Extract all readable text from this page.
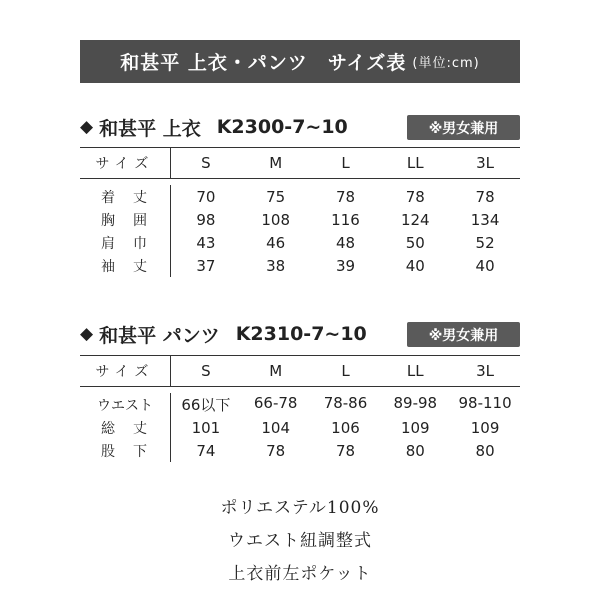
和甚平 上衣・パンツ　サイズ表 (単位:cm)
◆ 和甚平 上衣 K2300-7~10	※男女兼用
サイズ	S	M	L	LL	3L
着　丈	70	75	78	78	78
胸　囲	98	108	116	124	134
肩　巾	43	46	48	50	52
袖　丈	37	38	39	40	40
◆ 和甚平 パンツ K2310-7~10	※男女兼用
サイズ	S	M	L	LL	3L
ウエスト	66以下	66-78	78-86	89-98	98-110
総　丈	101	104	106	109	109
股　下	74	78	78	80	80
ポリエステル100%
ウエスト紐調整式
上衣前左ポケット
